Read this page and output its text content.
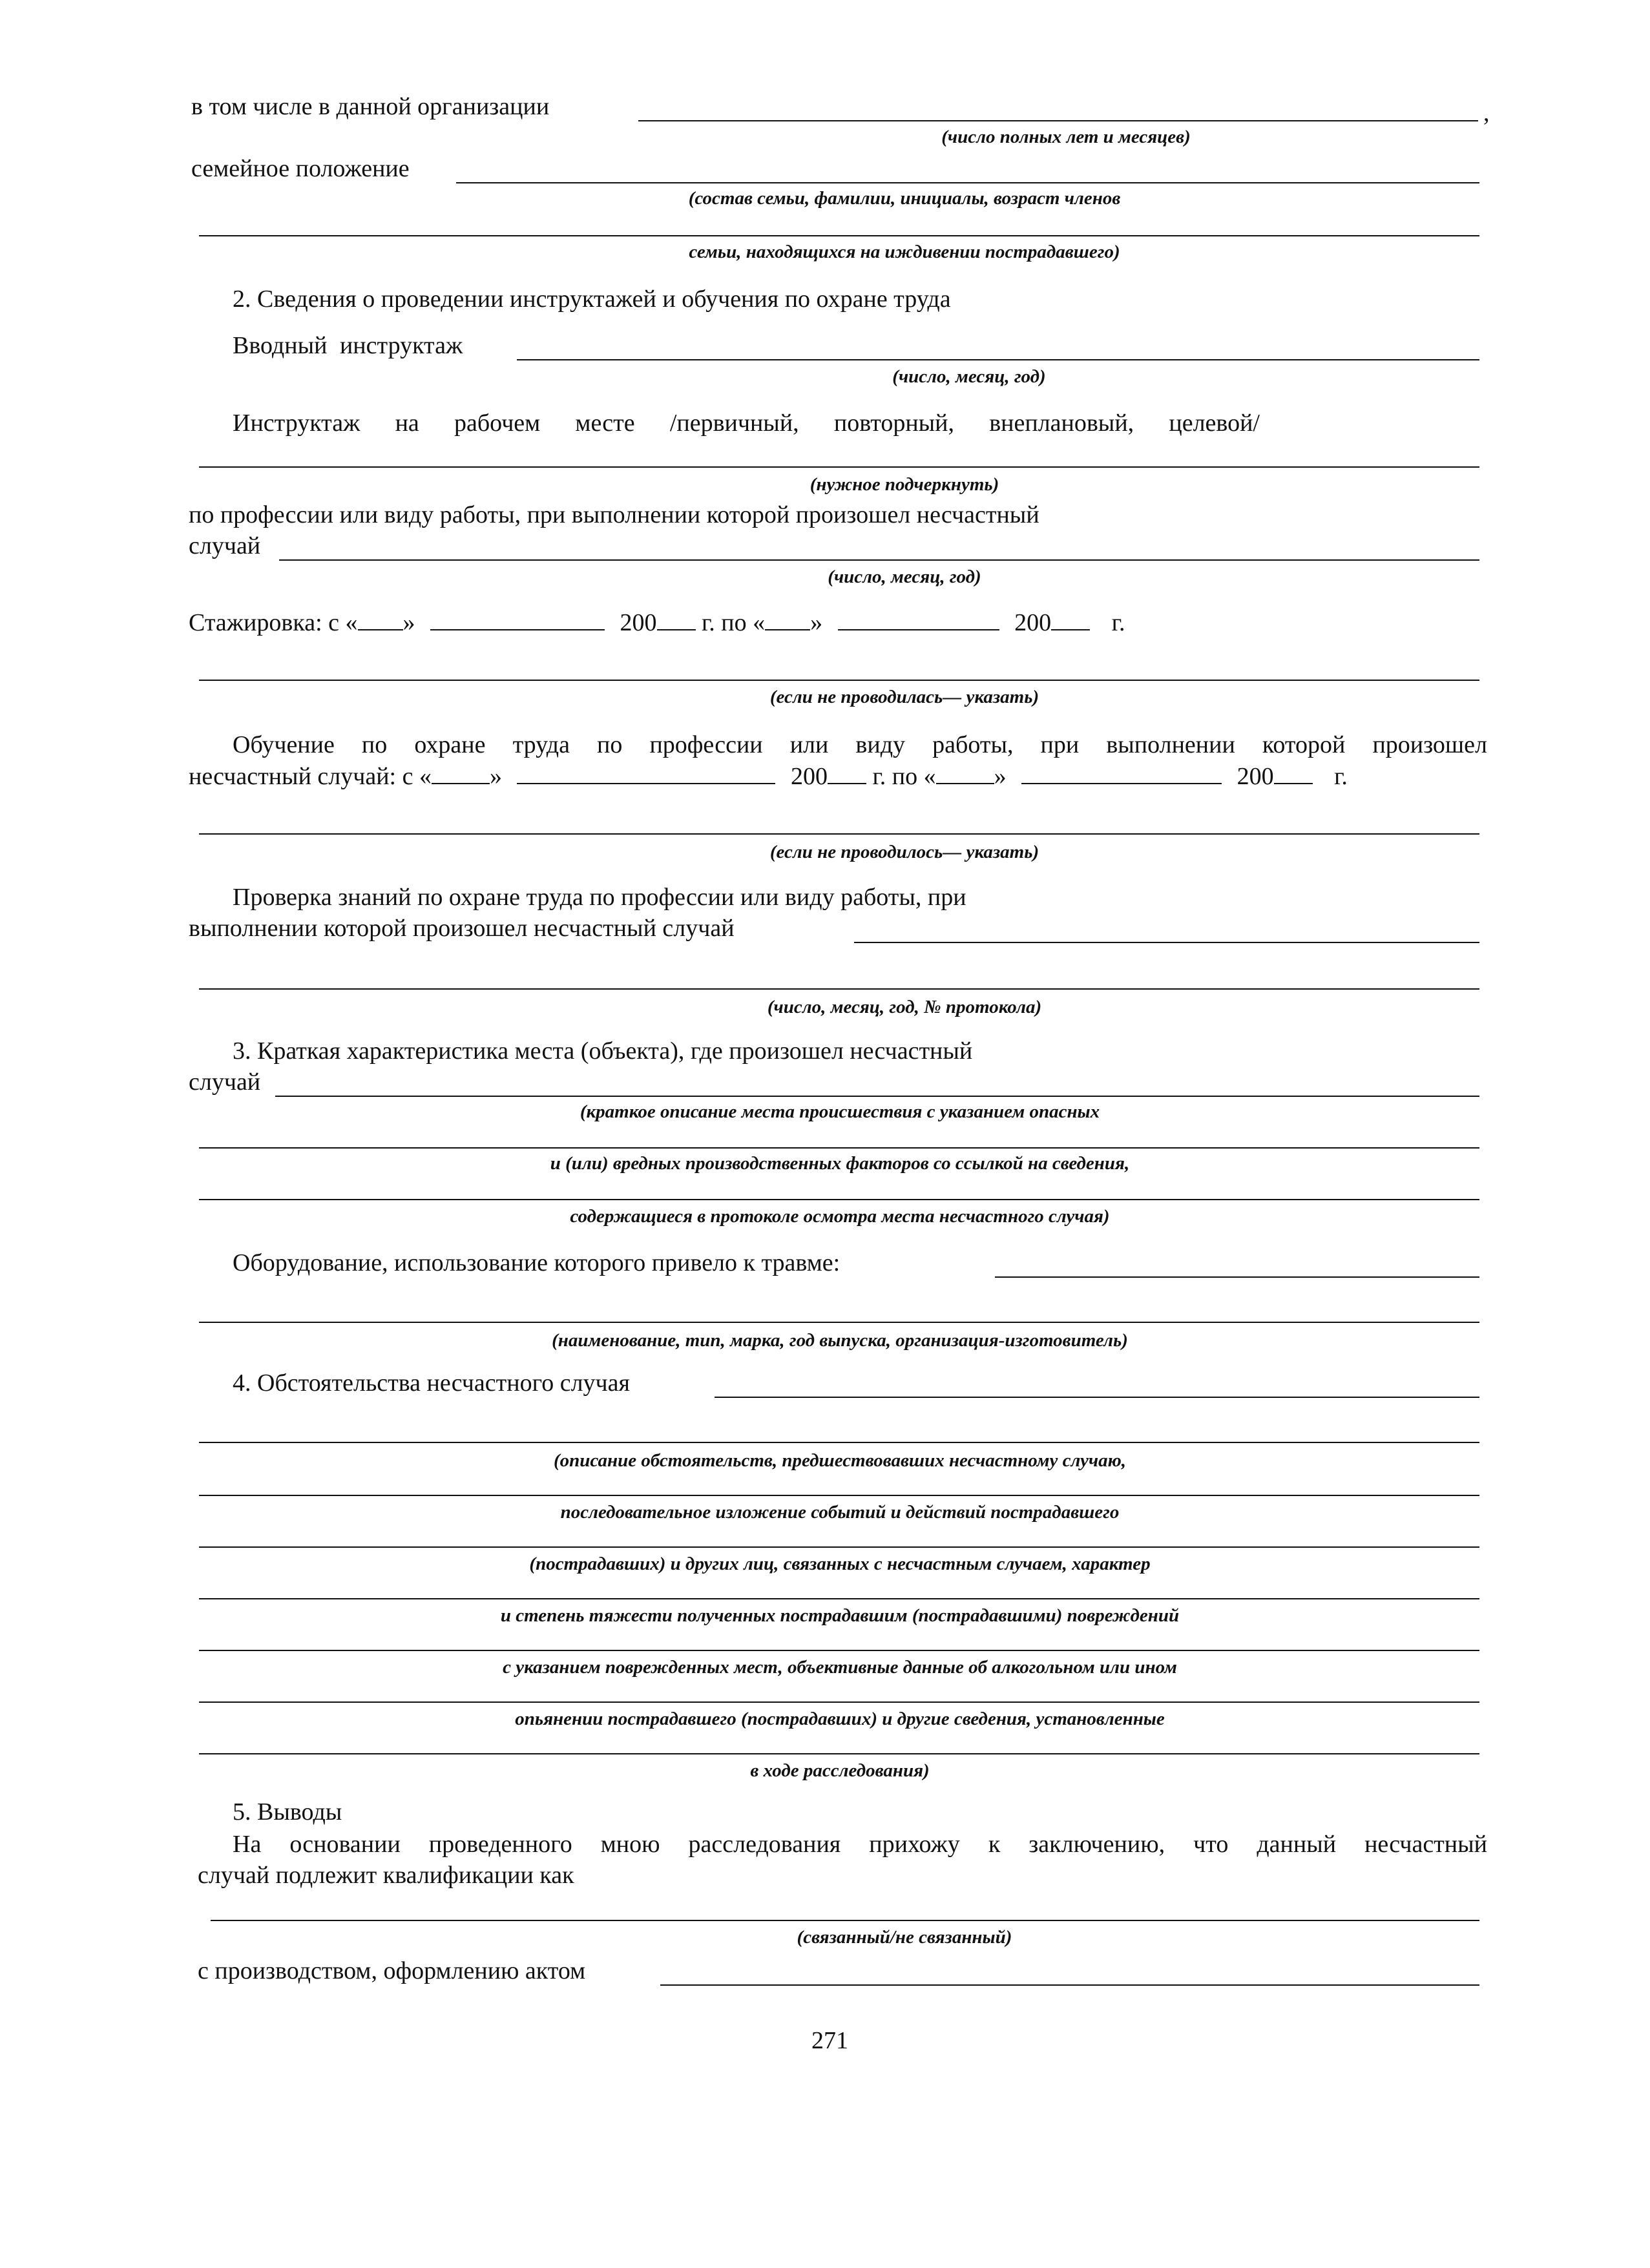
в том числе в данной организации	,
(число полных лет и месяцев)
семейное положение
(состав семьи, фамилии, инициалы, возраст членов
семьи, находящихся на иждивении пострадавшего)
2. Сведения о проведении инструктажей и обучения по охране труда
Вводный инструктаж
(число, месяц, год)
Инструктаж на рабочем месте /первичный, повторный, внеплановый, целевой/
(нужное подчеркнуть)
по профессии или виду работы, при выполнении которой произошел несчастный
случай
(число, месяц, год)
Стажировка: с « »	200 г. по « »	200 г.
(если не проводилась— указать)
Обучение по охране труда по профессии или виду работы, при выполнении которой произошел
несчастный случай: с « »	200 г. по « »	200 г.
(если не проводилось— указать)
Проверка знаний по охране труда по профессии или виду работы, при
выполнении которой произошел несчастный случай
(число, месяц, год, № протокола)
3. Краткая характеристика места (объекта), где произошел несчастный
случай
(краткое описание места происшествия с указанием опасных
и (или) вредных производственных факторов со ссылкой на сведения,
содержащиеся в протоколе осмотра места несчастного случая)
Оборудование, использование которого привело к травме:
(наименование, тип, марка, год выпуска, организация-изготовитель)
4. Обстоятельства несчастного случая
(описание обстоятельств, предшествовавших несчастному случаю,
последовательное изложение событий и действий пострадавшего
(пострадавших) и других лиц, связанных с несчастным случаем, характер
и степень тяжести полученных пострадавшим (пострадавшими) повреждений
с указанием поврежденных мест, объективные данные об алкогольном или ином
опьянении пострадавшего (пострадавших) и другие сведения, установленные
в ходе расследования)
5. Выводы
На основании проведенного мною расследования прихожу к заключению, что данный несчастный
случай подлежит квалификации как
(связанный/не связанный)
с производством, оформлению актом
271
